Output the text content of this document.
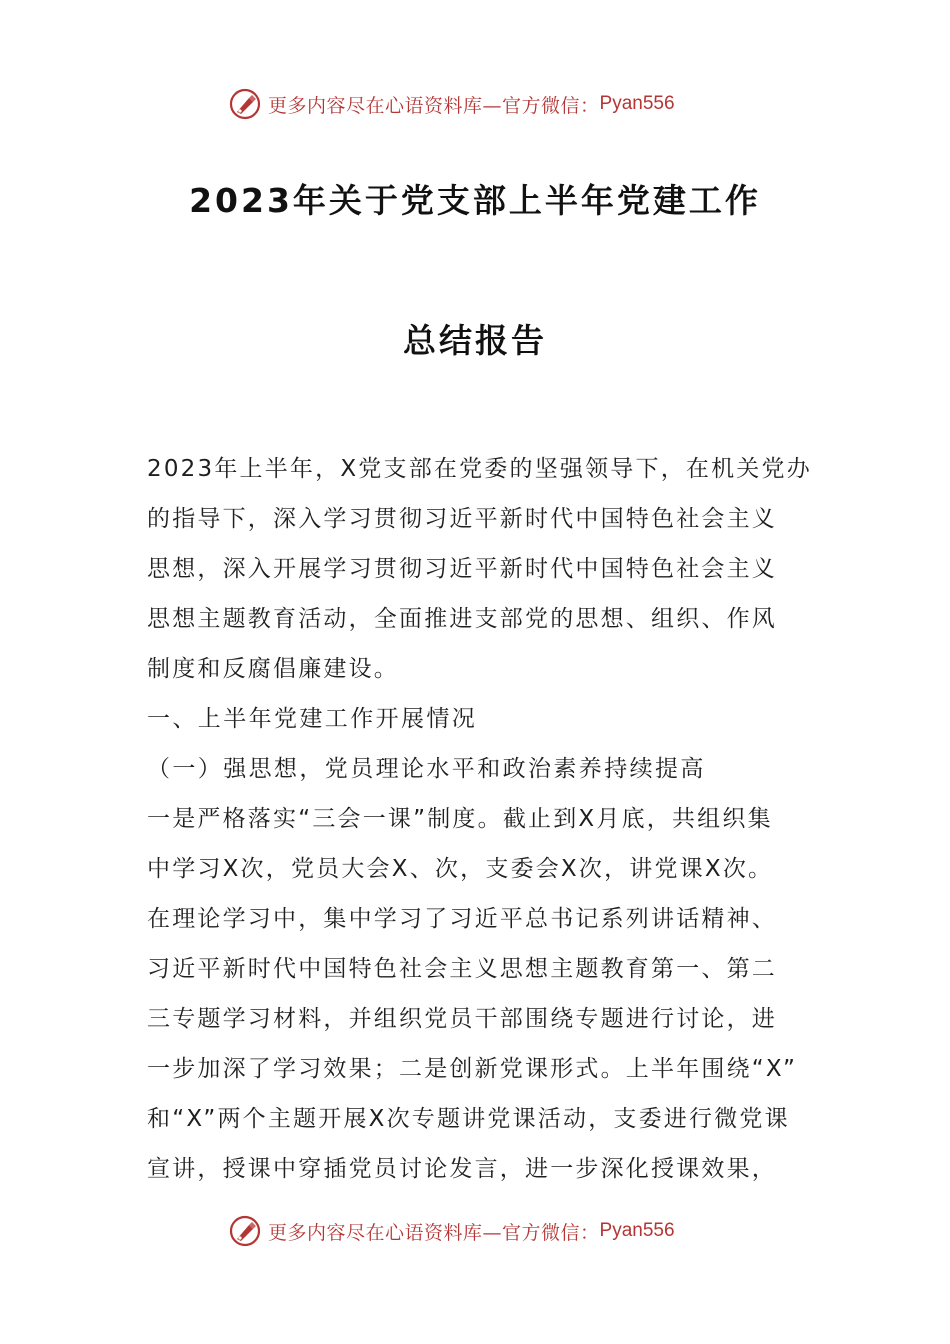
更多内容尽在心语资料库—官方微信： Pyan556
2023年关于党支部上半年党建工作
总结报告
2023年上半年，X党支部在党委的坚强领导下，在机关党办
的指导下，深入学习贯彻习近平新时代中国特色社会主义
思想，深入开展学习贯彻习近平新时代中国特色社会主义
思想主题教育活动，全面推进支部党的思想、组织、作风
制度和反腐倡廉建设。
一、上半年党建工作开展情况
（一）强思想，党员理论水平和政治素养持续提高
一是严格落实“三会一课”制度。截止到X月底，共组织集
中学习X次，党员大会X、次，支委会X次，讲党课X次。
在理论学习中，集中学习了习近平总书记系列讲话精神、
习近平新时代中国特色社会主义思想主题教育第一、第二
三专题学习材料，并组织党员干部围绕专题进行讨论，进
一步加深了学习效果；二是创新党课形式。上半年围绕“X”
和“X”两个主题开展X次专题讲党课活动，支委进行微党课
宣讲，授课中穿插党员讨论发言，进一步深化授课效果，
更多内容尽在心语资料库—官方微信： Pyan556
